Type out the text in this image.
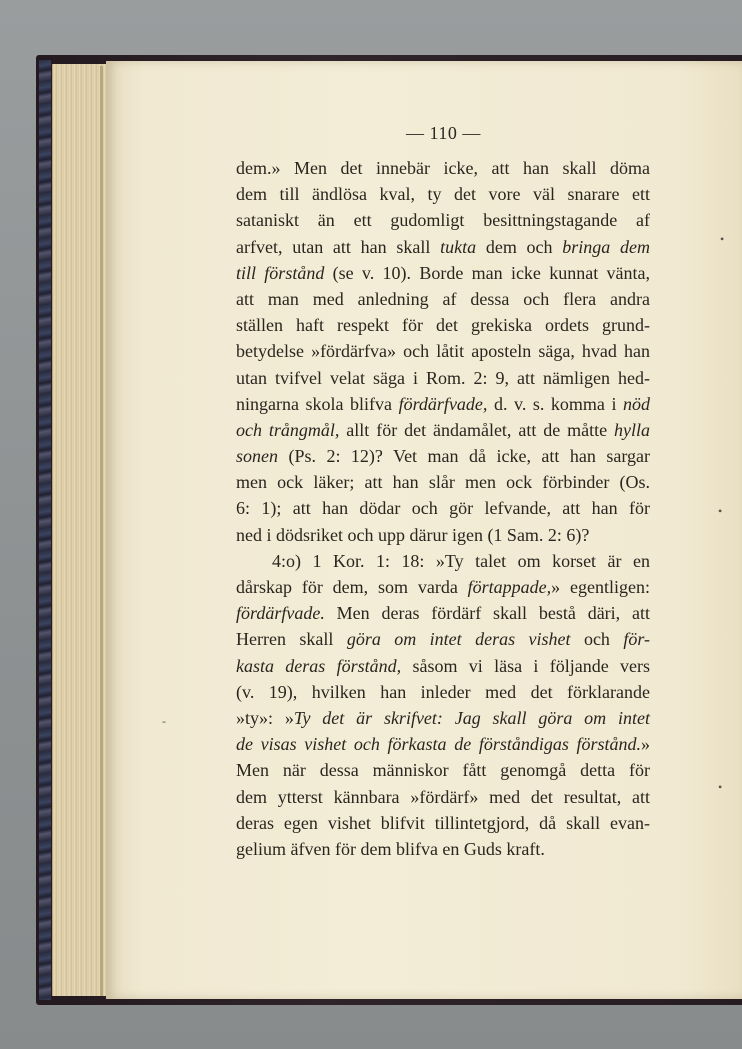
— 110 —
dem.» Men det innebär icke, att han skall döma
dem till ändlösa kval, ty det vore väl snarare ett
sataniskt än ett gudomligt besittningstagande af
arfvet, utan att han skall tukta dem och bringa dem
till förstånd (se v. 10). Borde man icke kunnat vänta,
att man med anledning af dessa och flera andra
ställen haft respekt för det grekiska ordets grund-
betydelse »fördärfva» och låtit aposteln säga, hvad han
utan tvifvel velat säga i Rom. 2: 9, att nämligen hed-
ningarna skola blifva fördärfvade, d. v. s. komma i nöd
och trångmål, allt för det ändamålet, att de måtte hylla
sonen (Ps. 2: 12)? Vet man då icke, att han sargar
men ock läker; att han slår men ock förbinder (Os.
6: 1); att han dödar och gör lefvande, att han för
ned i dödsriket och upp därur igen (1 Sam. 2: 6)?
4:o) 1 Kor. 1: 18: »Ty talet om korset är en
dårskap för dem, som varda förtappade,» egentligen:
fördärfvade. Men deras fördärf skall bestå däri, att
Herren skall göra om intet deras vishet och för-
kasta deras förstånd, såsom vi läsa i följande vers
(v. 19), hvilken han inleder med det förklarande
»ty»: »Ty det är skrifvet: Jag skall göra om intet
de visas vishet och förkasta de förståndigas förstånd.»
Men när dessa människor fått genomgå detta för
dem ytterst kännbara »fördärf» med det resultat, att
deras egen vishet blifvit tillintetgjord, då skall evan-
gelium äfven för dem blifva en Guds kraft.
•
•
•
-
